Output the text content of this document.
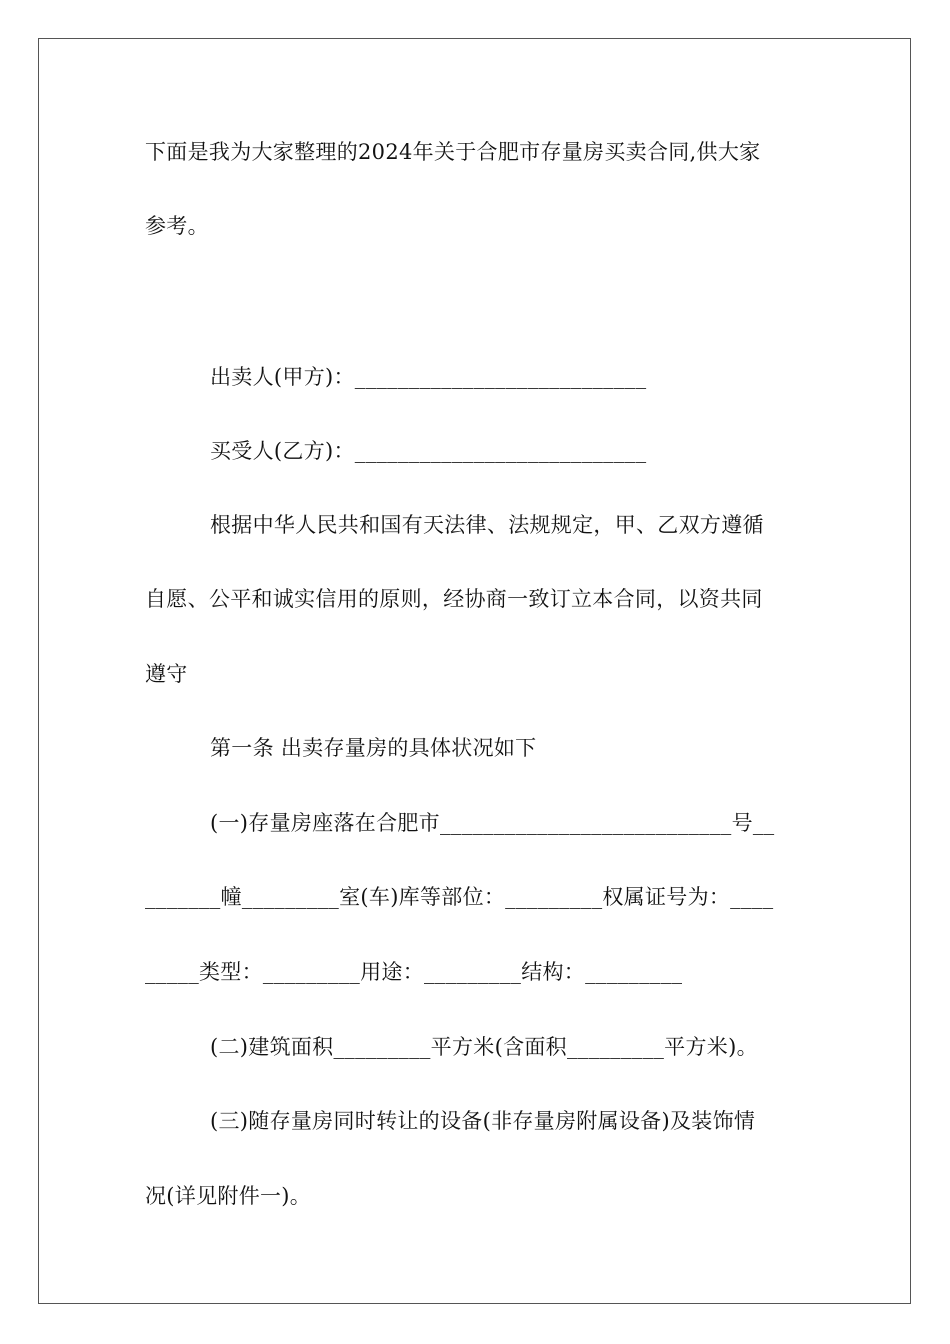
下面是我为大家整理的2024年关于合肥市存量房买卖合同,供大家
参考。
出卖人(甲方)：___________________________
买受人(乙方)：___________________________
根据中华人民共和国有天法律、法规规定，甲、乙双方遵循
自愿、公平和诚实信用的原则，经协商一致订立本合同，以资共同
遵守
第一条 出卖存量房的具体状况如下
(一)存量房座落在合肥市___________________________号__
_______幢_________室(车)库等部位：_________权属证号为：____
_____类型：_________用途：_________结构：_________
(二)建筑面积_________平方米(含面积_________平方米)。
(三)随存量房同时转让的设备(非存量房附属设备)及装饰情
况(详见附件一)。
